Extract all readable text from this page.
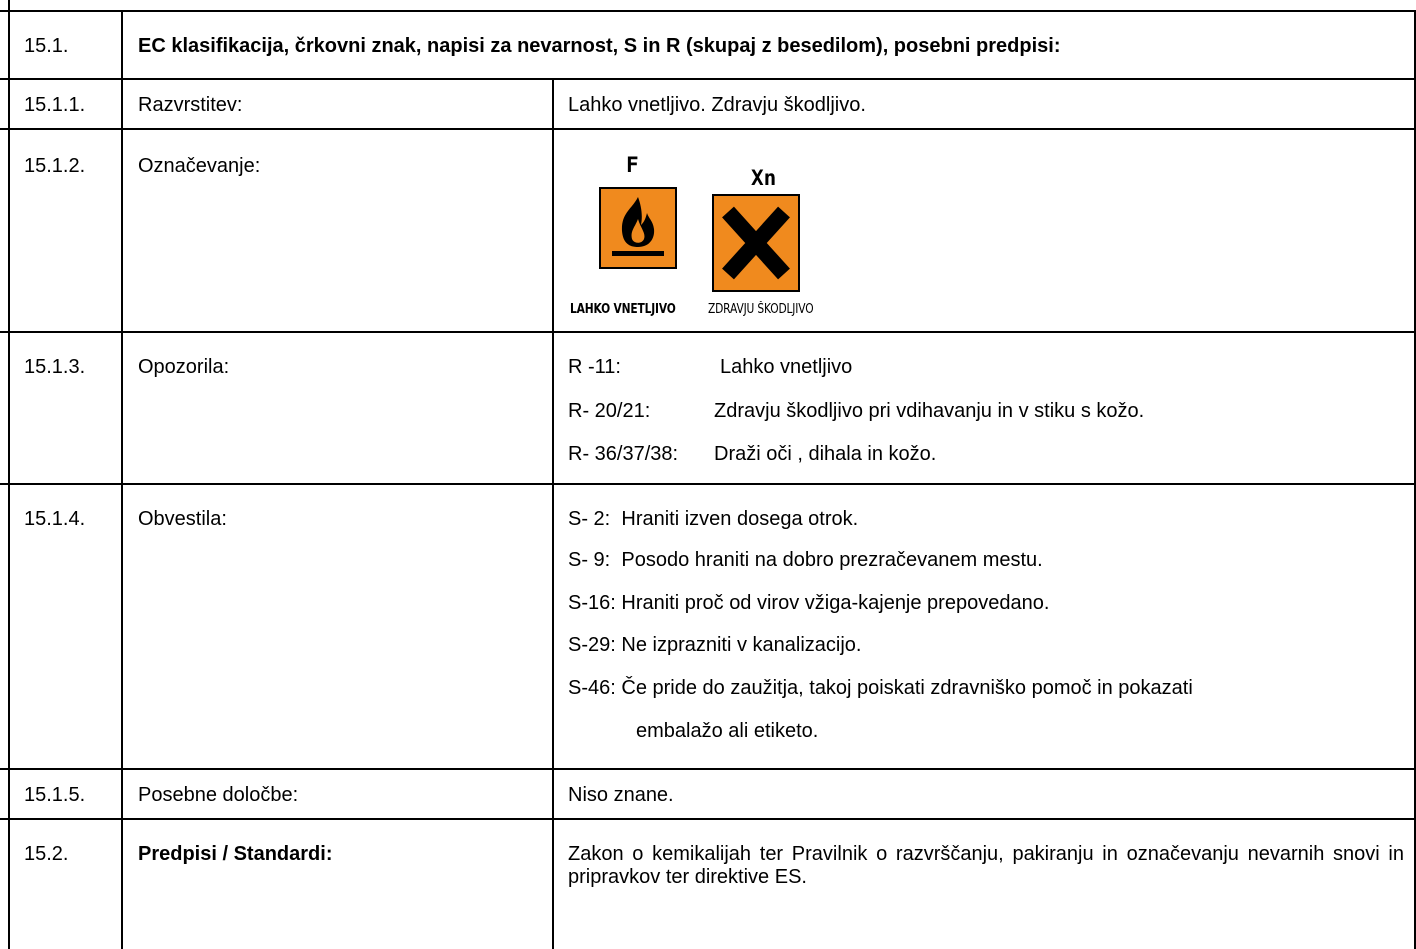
15.1.	EC klasifikacija, črkovni znak, napisi za nevarnost, S in R (skupaj z besedilom), posebni predpisi:
15.1.1.	Razvrstitev:	Lahko vnetljivo. Zdravju škodljivo.
15.1.2.	Označevanje:	F
LAHKO VNETLJIVO
Xn
ZDRAVJU ŠKODLJIVO
15.1.3.	Opozorila:	R -11:	Lahko vnetljivo
R- 20/21:	Zdravju škodljivo pri vdihavanju in v stiku s kožo.
R- 36/37/38: Draži oči , dihala in kožo.
15.1.4.	Obvestila:	S- 2: Hraniti izven dosega otrok.
S- 9: Posodo hraniti na dobro prezračevanem mestu.
S-16: Hraniti proč od virov vžiga-kajenje prepovedano.
S-29: Ne izprazniti v kanalizacijo.
S-46: Če pride do zaužitja, takoj poiskati zdravniško pomoč in pokazati
embalažo ali etiketo.
15.1.5.	Posebne določbe:	Niso znane.
15.2.	Predpisi / Standardi:	Zakon o kemikalijah ter Pravilnik o razvrščanju, pakiranju in označevanju nevarnih snovi in pripravkov ter direktive ES.
